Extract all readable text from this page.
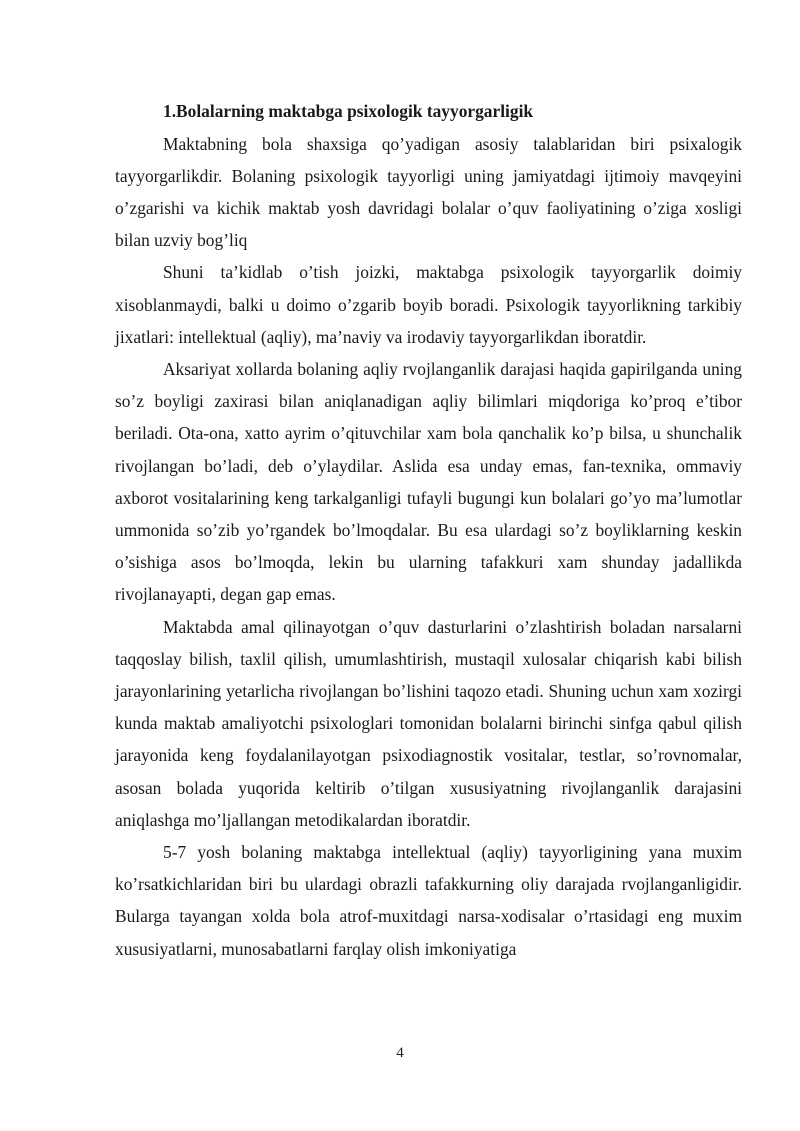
1.Bolalarning maktabga psixologik tayyorgarligik

Maktabning bola shaxsiga qo’yadigan asosiy talablaridan biri psixalogik tayyorgarlikdir. Bolaning psixologik tayyorligi uning jamiyatdagi ijtimoiy mavqeyini o’zgarishi va kichik maktab yosh davridagi bolalar o’quv faoliyatining o’ziga xosligi bilan uzviy bog’liq

Shuni ta’kidlab o’tish joizki, maktabga psixologik tayyorgarlik doimiy xisoblanmaydi, balki u doimo o’zgarib boyib boradi. Psixologik tayyorlikning tarkibiy jixatlari: intellektual (aqliy), ma’naviy va irodaviy tayyorgarlikdan iboratdir.

Aksariyat xollarda bolaning aqliy rvojlanganlik darajasi haqida gapirilganda uning so’z boyligi zaxirasi bilan aniqlanadigan aqliy bilimlari miqdoriga ko’proq e’tibor beriladi. Ota-ona, xatto ayrim o’qituvchilar xam bola qanchalik ko’p bilsa, u shunchalik rivojlangan bo’ladi, deb o’ylaydilar. Aslida esa unday emas, fan-texnika, ommaviy axborot vositalarining keng tarkalganligi tufayli bugungi kun bolalari go’yo ma’lumotlar ummonida so’zib yo’rgandek bo’lmoqdalar. Bu esa ulardagi so’z boyliklarning keskin o’sishiga asos bo’lmoqda, lekin bu ularning tafakkuri xam shunday jadallikda rivojlanayapti, degan gap emas.

Maktabda amal qilinayotgan o’quv dasturlarini o’zlashtirish boladan narsalarni taqqoslay bilish, taxlil qilish, umumlashtirish, mustaqil xulosalar chiqarish kabi bilish jarayonlarining yetarlicha rivojlangan bo’lishini taqozo etadi. Shuning uchun xam xozirgi kunda maktab amaliyotchi psixologlari tomonidan bolalarni birinchi sinfga qabul qilish jarayonida keng foydalanilayotgan psixodiagnostik vositalar, testlar, so’rovnomalar, asosan bolada yuqorida keltirib o’tilgan xususiyatning rivojlanganlik darajasini aniqlashga mo’ljallangan metodikalardan iboratdir.

5-7 yosh bolaning maktabga intellektual (aqliy) tayyorligining yana muxim ko’rsatkichlaridan biri bu ulardagi obrazli tafakkurning oliy darajada rvojlanganligidir. Bularga tayangan xolda bola atrof-muxitdagi narsa-xodisalar o’rtasidagi eng muxim xususiyatlarni, munosabatlarni farqlay olish imkoniyatiga

4
